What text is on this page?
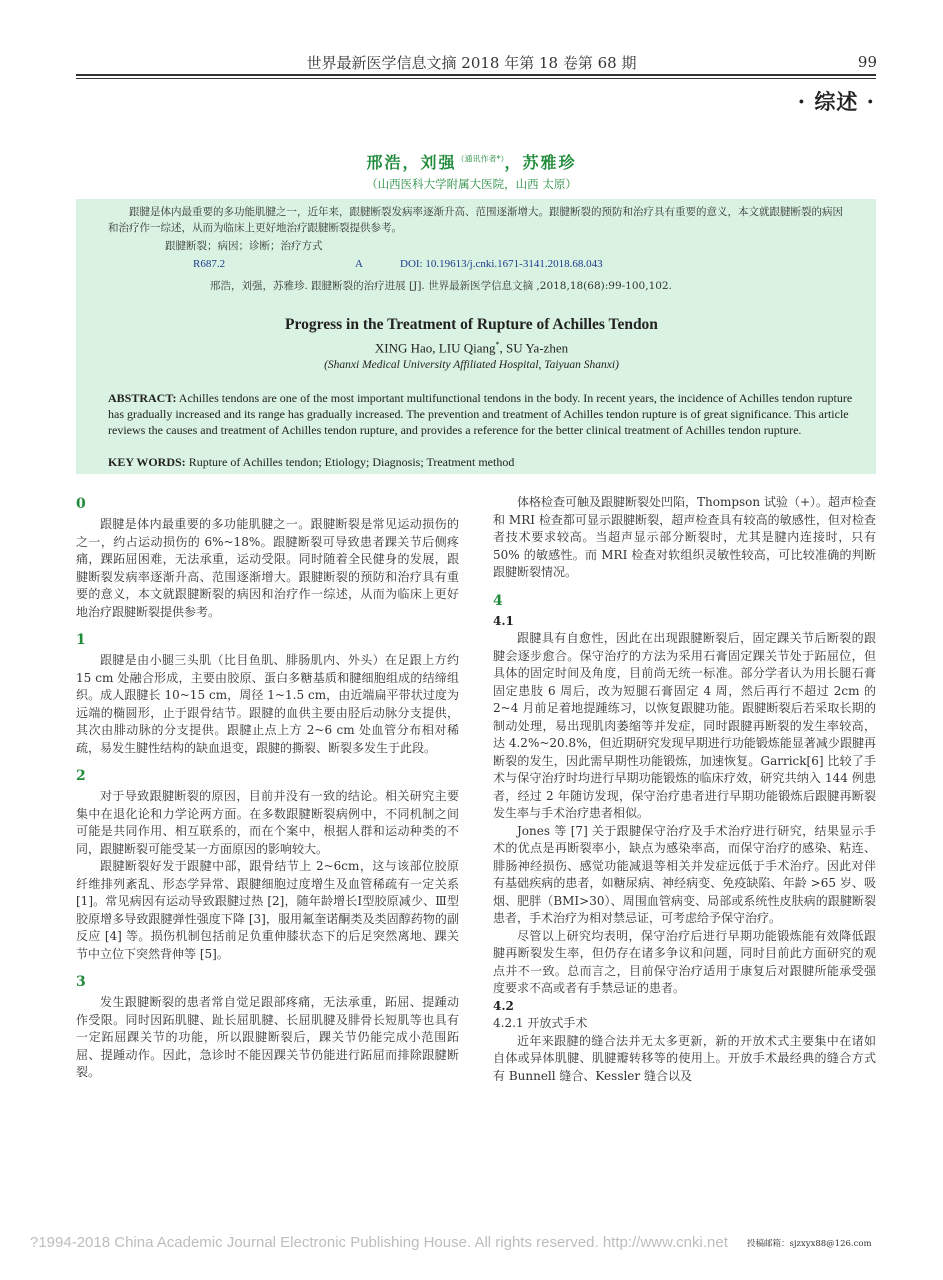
世界最新医学信息文摘 2018 年第 18 卷第 68 期	99
· 综述 ·
邢浩，刘强$^{(通讯作者*)}$，苏雅珍
（山西医科大学附属大医院，山西 太原）
跟腱是体内最重要的多功能肌腱之一，近年来，跟腱断裂发病率逐渐升高、范围逐渐增大。跟腱断裂的预防和治疗具有重要的意义，本文就跟腱断裂的病因和治疗作一综述，从而为临床上更好地治疗跟腱断裂提供参考。
跟腱断裂；病因；诊断；治疗方式
R687.2	A	DOI: 10.19613/j.cnki.1671-3141.2018.68.043
邢浩，刘强，苏雅珍. 跟腱断裂的治疗进展 [J]. 世界最新医学信息文摘 ,2018,18(68):99-100,102.
Progress in the Treatment of Rupture of Achilles Tendon
XING Hao, LIU Qiang*, SU Ya-zhen
(Shanxi Medical University Affiliated Hospital, Taiyuan Shanxi)
ABSTRACT: Achilles tendons are one of the most important multifunctional tendons in the body. In recent years, the incidence of Achilles tendon rupture has gradually increased and its range has gradually increased. The prevention and treatment of Achilles tendon rupture is of great significance. This article reviews the causes and treatment of Achilles tendon rupture, and provides a reference for the better clinical treatment of Achilles tendon rupture.
KEY WORDS: Rupture of Achilles tendon; Etiology; Diagnosis; Treatment method
0

跟腱是体内最重要的多功能肌腱之一。跟腱断裂是常见运动损伤的之一，约占运动损伤的 6%~18%。跟腱断裂可导致患者踝关节后侧疼痛，踝跖屈困难，无法承重，运动受限。同时随着全民健身的发展，跟腱断裂发病率逐渐升高、范围逐渐增大。跟腱断裂的预防和治疗具有重要的意义，本文就跟腱断裂的病因和治疗作一综述，从而为临床上更好地治疗跟腱断裂提供参考。

1

跟腱是由小腿三头肌（比目鱼肌、腓肠肌内、外头）在足跟上方约 15 cm 处融合形成，主要由胶原、蛋白多糖基质和腱细胞组成的结缔组织。成人跟腱长 10~15 cm，周径 1~1.5 cm，由近端扁平带状过度为远端的椭圆形，止于跟骨结节。跟腱的血供主要由胫后动脉分支提供，其次由腓动脉的分支提供。跟腱止点上方 2~6 cm 处血管分布相对稀疏，易发生腱性结构的缺血退变，跟腱的撕裂、断裂多发生于此段。

2

对于导致跟腱断裂的原因，目前并没有一致的结论。相关研究主要集中在退化论和力学论两方面。在多数跟腱断裂病例中，不同机制之间可能是共同作用、相互联系的，而在个案中，根据人群和运动种类的不同，跟腱断裂可能受某一方面原因的影响较大。

跟腱断裂好发于跟腱中部，跟骨结节上 2~6cm，这与该部位胶原纤维排列紊乱、形态学异常、跟腱细胞过度增生及血管稀疏有一定关系 [1]。常见病因有运动导致跟腱过热 [2]，随年龄增长Ⅰ型胶原减少、Ⅲ型胶原增多导致跟腱弹性强度下降 [3]，服用氟奎诺酮类及类固醇药物的副反应 [4] 等。损伤机制包括前足负重伸膝状态下的后足突然离地、踝关节中立位下突然背伸等 [5]。

3

发生跟腱断裂的患者常自觉足跟部疼痛，无法承重，跖屈、提踵动作受限。同时因跖肌腱、趾长屈肌腱、长屈肌腱及腓骨长短肌等也具有一定跖屈踝关节的功能，所以跟腱断裂后，踝关节仍能完成小范围跖屈、提踵动作。因此，急诊时不能因踝关节仍能进行跖屈而排除跟腱断裂。

体格检查可触及跟腱断裂处凹陷，Thompson 试验（+）。超声检查和 MRI 检查都可显示跟腱断裂，超声检查具有较高的敏感性，但对检查者技术要求较高。当超声显示部分断裂时，尤其是腱内连接时，只有 50% 的敏感性。而 MRI 检查对软组织灵敏性较高，可比较准确的判断跟腱断裂情况。

4
4.1

跟腱具有自愈性，因此在出现跟腱断裂后，固定踝关节后断裂的跟腱会逐步愈合。保守治疗的方法为采用石膏固定踝关节处于跖屈位，但具体的固定时间及角度，目前尚无统一标准。部分学者认为用长腿石膏固定患肢 6 周后，改为短腿石膏固定 4 周，然后再行不超过 2cm 的 2~4 月前足着地提踵练习，以恢复跟腱功能。跟腱断裂后若采取长期的制动处理，易出现肌肉萎缩等并发症，同时跟腱再断裂的发生率较高，达 4.2%~20.8%，但近期研究发现早期进行功能锻炼能显著减少跟腱再断裂的发生，因此需早期性功能锻炼，加速恢复。Garrick[6] 比较了手术与保守治疗时均进行早期功能锻炼的临床疗效，研究共纳入 144 例患者，经过 2 年随访发现，保守治疗患者进行早期功能锻炼后跟腱再断裂发生率与手术治疗患者相似。

Jones 等 [7] 关于跟腱保守治疗及手术治疗进行研究，结果显示手术的优点是再断裂率小，缺点为感染率高，而保守治疗的感染、粘连、腓肠神经损伤、感觉功能减退等相关并发症远低于手术治疗。因此对伴有基础疾病的患者，如糖尿病、神经病变、免疫缺陷、年龄 >65 岁、吸烟、肥胖（BMI>30）、周围血管病变、局部或系统性皮肤病的跟腱断裂患者，手术治疗为相对禁忌证，可考虑给予保守治疗。

尽管以上研究均表明，保守治疗后进行早期功能锻炼能有效降低跟腱再断裂发生率，但仍存在诸多争议和问题，同时目前此方面研究的观点并不一致。总而言之，目前保守治疗适用于康复后对跟腱所能承受强度要求不高或者有手禁忌证的患者。

4.2
4.2.1 开放式手术

近年来跟腱的缝合法并无太多更新，新的开放术式主要集中在诸如自体或异体肌腱、肌腱瓣转移等的使用上。开放手术最经典的缝合方式有 Bunnell 缝合、Kessler 缝合以及

?1994-2018 China Academic Journal Electronic Publishing House. All rights reserved. http://www.cnki.net 投稿邮箱：sjzxyx88@126.com
